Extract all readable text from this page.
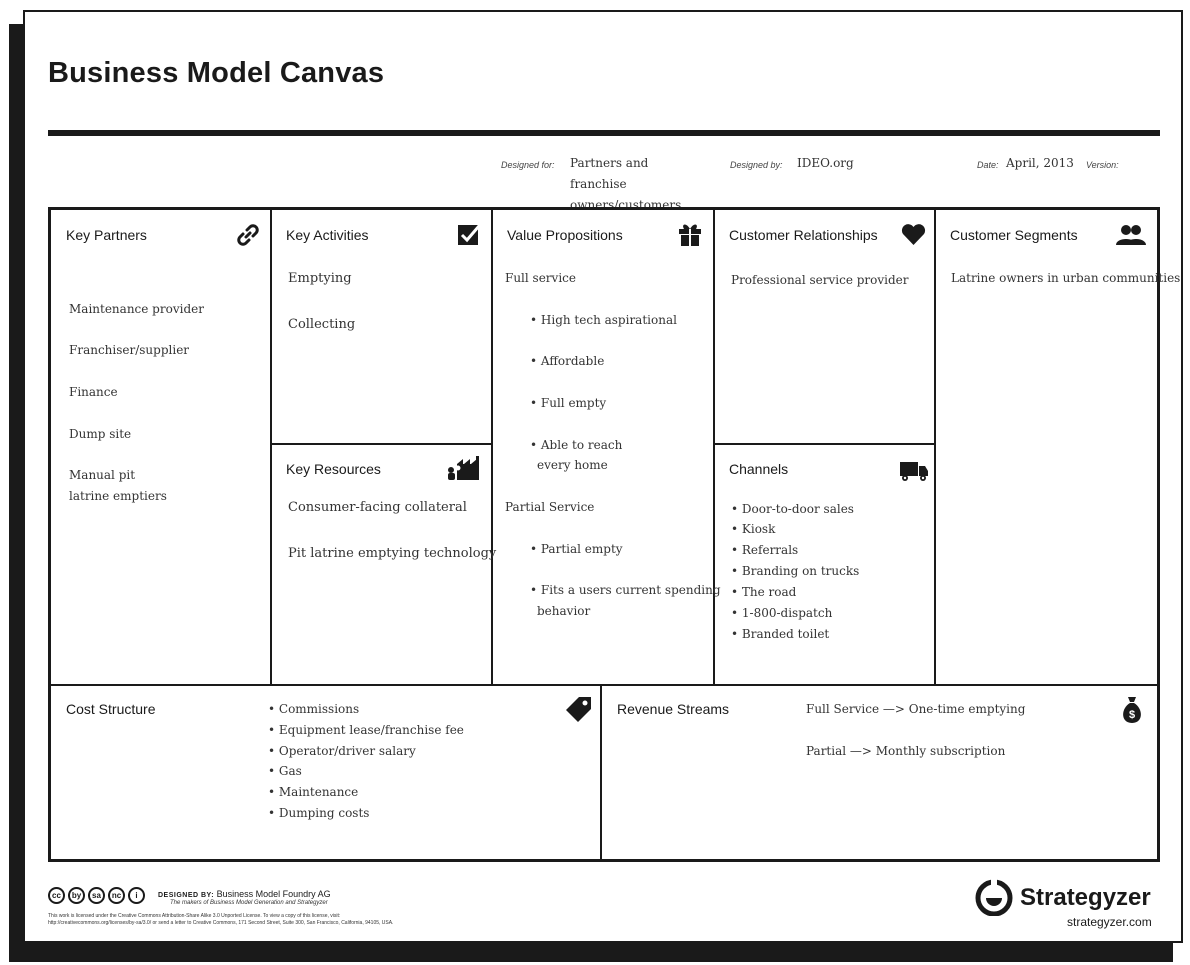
Business Model Canvas
Designed for: Partners and franchise owners/customers
Designed by: IDEO.org	Date: April, 2013 Version:
Key Partners
Maintenance provider
Franchiser/supplier
Finance
Dump site
Manual pit
latrine emptiers
Key Activities
Emptying
Collecting
Key Resources
Consumer-facing collateral
Pit latrine emptying technology
Value Propositions
Full service
• High tech aspirational
• Affordable
• Full empty
• Able to reach
every home
Partial Service
• Partial empty
• Fits a users current spending
behavior
Customer Relationships
Professional service provider
Channels
• Door-to-door sales
• Kiosk
• Referrals
• Branding on trucks
• The road
• 1-800-dispatch
• Branded toilet
Customer Segments
Latrine owners in urban communities
Cost Structure	• Commissions
• Equipment lease/franchise fee
• Operator/driver salary
• Gas
• Maintenance
• Dumping costs
Revenue Streams	$
Full Service —> One-time emptying
Partial —> Monthly subscription
cc	by	sa	nc	i	DESIGNED BY: Business Model Foundry AG
The makers of Business Model Generation and Strategyzer
This work is licensed under the Creative Commons Attribution-Share Alike 3.0 Unported License. To view a copy of this license, visit:
http://creativecommons.org/licenses/by-sa/3.0/ or send a letter to Creative Commons, 171 Second Street, Suite 300, San Francisco, California, 94105, USA.
Strategyzer
strategyzer.com
